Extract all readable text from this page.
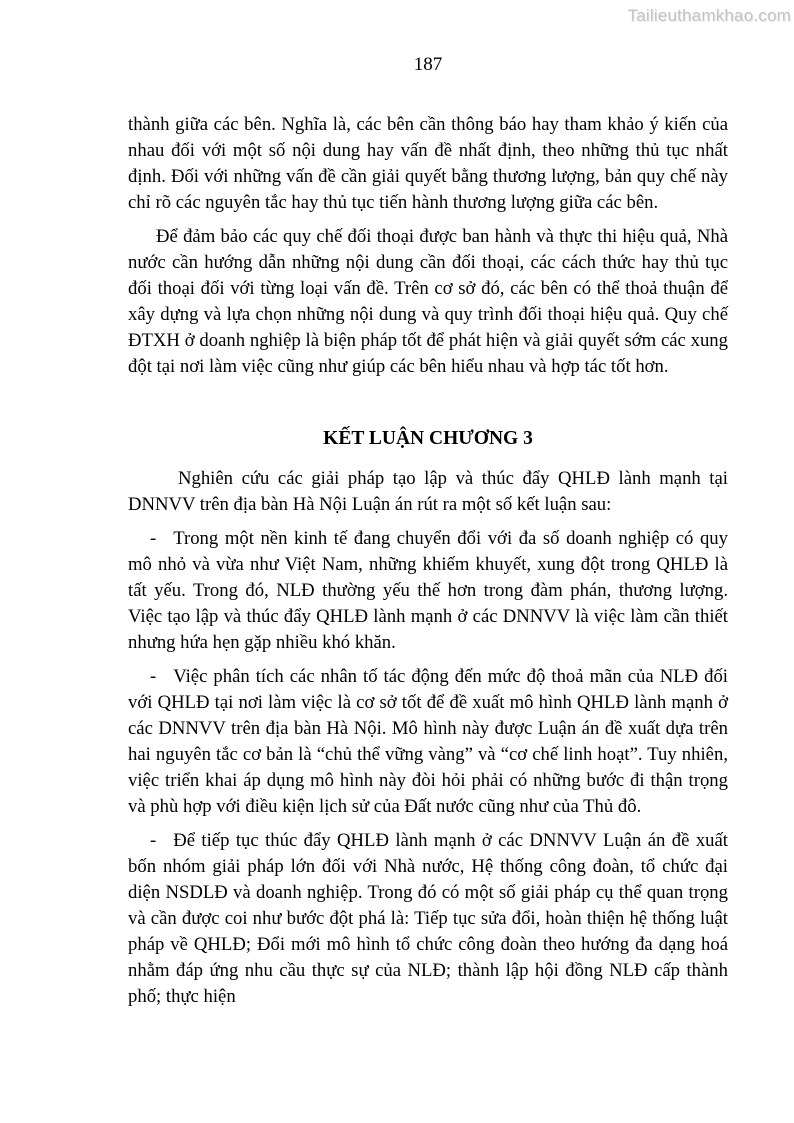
Tailieuthamkhao.com
187

thành giữa các bên. Nghĩa là, các bên cần thông báo hay tham khảo ý kiến của nhau đối với một số nội dung hay vấn đề nhất định, theo những thủ tục nhất định. Đối với những vấn đề cần giải quyết bằng thương lượng, bản quy chế này chỉ rõ các nguyên tắc hay thủ tục tiến hành thương lượng giữa các bên.

Để đảm bảo các quy chế đối thoại được ban hành và thực thi hiệu quả, Nhà nước cần hướng dẫn những nội dung cần đối thoại, các cách thức hay thủ tục đối thoại đối với từng loại vấn đề. Trên cơ sở đó, các bên có thể thoả thuận để xây dựng và lựa chọn những nội dung và quy trình đối thoại hiệu quả. Quy chế ĐTXH ở doanh nghiệp là biện pháp tốt để phát hiện và giải quyết sớm các xung đột tại nơi làm việc cũng như giúp các bên hiểu nhau và hợp tác tốt hơn.

KẾT LUẬN CHƯƠNG 3

Nghiên cứu các giải pháp tạo lập và thúc đẩy QHLĐ lành mạnh tại DNNVV trên địa bàn Hà Nội Luận án rút ra một số kết luận sau:

- Trong một nền kinh tế đang chuyển đổi với đa số doanh nghiệp có quy mô nhỏ và vừa như Việt Nam, những khiếm khuyết, xung đột trong QHLĐ là tất yếu. Trong đó, NLĐ thường yếu thế hơn trong đàm phán, thương lượng. Việc tạo lập và thúc đẩy QHLĐ lành mạnh ở các DNNVV là việc làm cần thiết nhưng hứa hẹn gặp nhiều khó khăn.

- Việc phân tích các nhân tố tác động đến mức độ thoả mãn của NLĐ đối với QHLĐ tại nơi làm việc là cơ sở tốt để đề xuất mô hình QHLĐ lành mạnh ở các DNNVV trên địa bàn Hà Nội. Mô hình này được Luận án đề xuất dựa trên hai nguyên tắc cơ bản là “chủ thể vững vàng” và “cơ chế linh hoạt”. Tuy nhiên, việc triển khai áp dụng mô hình này đòi hỏi phải có những bước đi thận trọng và phù hợp với điều kiện lịch sử của Đất nước cũng như của Thủ đô.

- Để tiếp tục thúc đẩy QHLĐ lành mạnh ở các DNNVV Luận án đề xuất bốn nhóm giải pháp lớn đối với Nhà nước, Hệ thống công đoàn, tổ chức đại diện NSDLĐ và doanh nghiệp. Trong đó có một số giải pháp cụ thể quan trọng và cần được coi như bước đột phá là: Tiếp tục sửa đổi, hoàn thiện hệ thống luật pháp về QHLĐ; Đổi mới mô hình tổ chức công đoàn theo hướng đa dạng hoá nhằm đáp ứng nhu cầu thực sự của NLĐ; thành lập hội đồng NLĐ cấp thành phố; thực hiện
